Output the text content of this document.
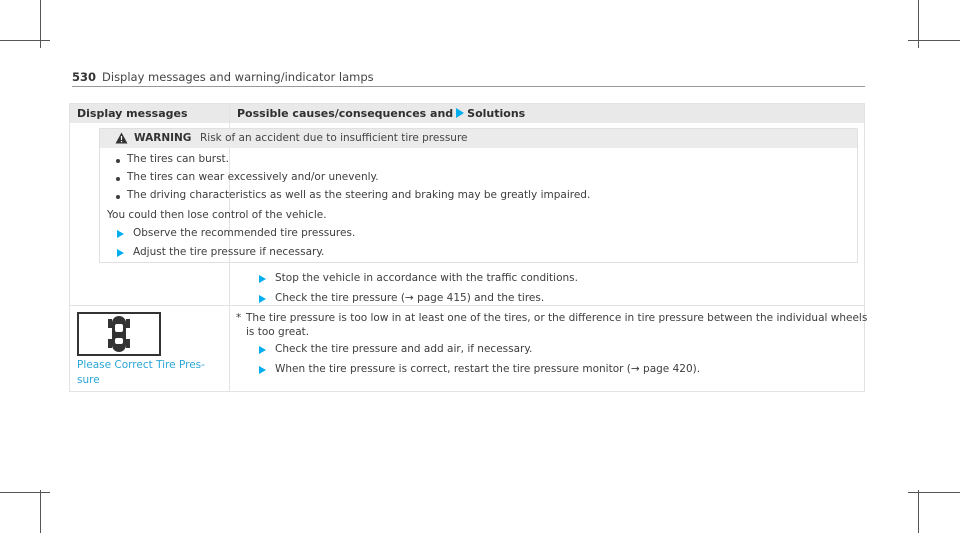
530 Display messages and warning/indicator lamps
Display messages	Possible causes/consequences and Solutions
WARNING Risk of an accident due to insufficient tire pressure
The tires can burst.
The tires can wear excessively and/or unevenly.
The driving characteristics as well as the steering and braking may be greatly impaired.
You could then lose control of the vehicle.
Observe the recommended tire pressures.
Adjust the tire pressure if necessary.
Stop the vehicle in accordance with the traffic conditions.
Check the tire pressure (→ page 415) and the tires.
Please Correct Tire Pres-
sure
* The tire pressure is too low in at least one of the tires, or the difference in tire pressure between the individual wheels
is too great.
Check the tire pressure and add air, if necessary.
When the tire pressure is correct, restart the tire pressure monitor (→ page 420).
